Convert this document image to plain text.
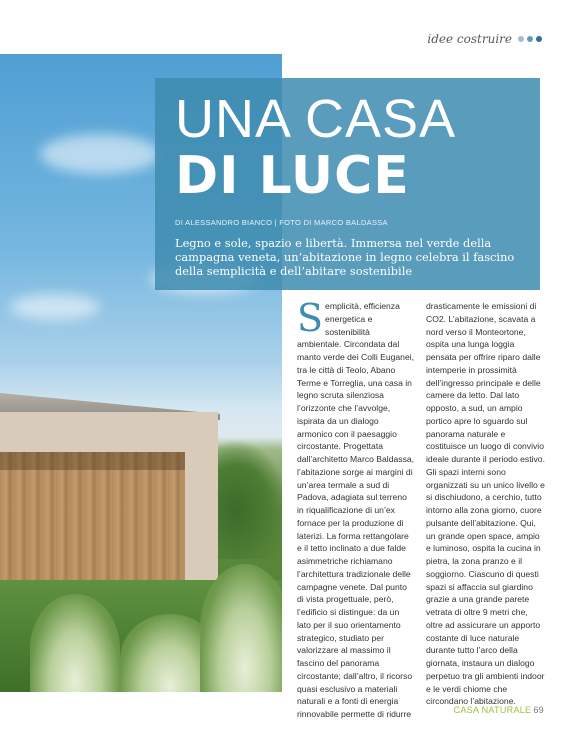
idee costruire
UNA CASA
DI LUCE
DI ALESSANDRO BIANCO | FOTO DI MARCO BALDASSA
Legno e sole, spazio e libertà. Immersa nel verde della campagna veneta, un’abitazione in legno celebra il fascino della semplicità e dell’abitare sostenibile
S emplicità, efficienza energetica e sostenibilità ambientale. Circondata dal manto verde dei Colli Euganei, tra le città di Teolo, Abano Terme e Torreglia, una casa in legno scruta silenziosa l’orizzonte che l’avvolge, ispirata da un dialogo armonico con il paesaggio circostante. Progettata dall’architetto Marco Baldassa, l’abitazione sorge ai margini di un’area termale a sud di Padova, adagiata sul terreno in riqualificazione di un’ex fornace per la produzione di laterizi. La forma rettangolare e il tetto inclinato a due falde asimmetriche richiamano l’architettura tradizionale delle campagne venete. Dal punto di vista progettuale, però, l’edificio si distingue: da un lato per il suo orientamento strategico, studiato per valorizzare al massimo il fascino del panorama circostante; dall’altro, il ricorso quasi esclusivo a materiali naturali e a fonti di energia rinnovabile permette di ridurre
drasticamente le emissioni di CO2. L’abitazione, scavata a nord verso il Monteortone, ospita una lunga loggia pensata per offrire riparo dalle intemperie in prossimità dell’ingresso principale e delle camere da letto. Dal lato opposto, a sud, un ampio portico apre lo sguardo sul panorama naturale e costituisce un luogo di convivio ideale durante il periodo estivo. Gli spazi interni sono organizzati su un unico livello e si dischiudono, a cerchio, tutto intorno alla zona giorno, cuore pulsante dell’abitazione. Qui, un grande open space, ampio e luminoso, ospita la cucina in pietra, la zona pranzo e il soggiorno. Ciascuno di questi spazi si affaccia sul giardino grazie a una grande parete vetrata di oltre 9 metri che, oltre ad assicurare un apporto costante di luce naturale durante tutto l’arco della giornata, instaura un dialogo perpetuo tra gli ambienti indoor e le verdi chiome che circondano l’abitazione.
CASA NATURALE 69
